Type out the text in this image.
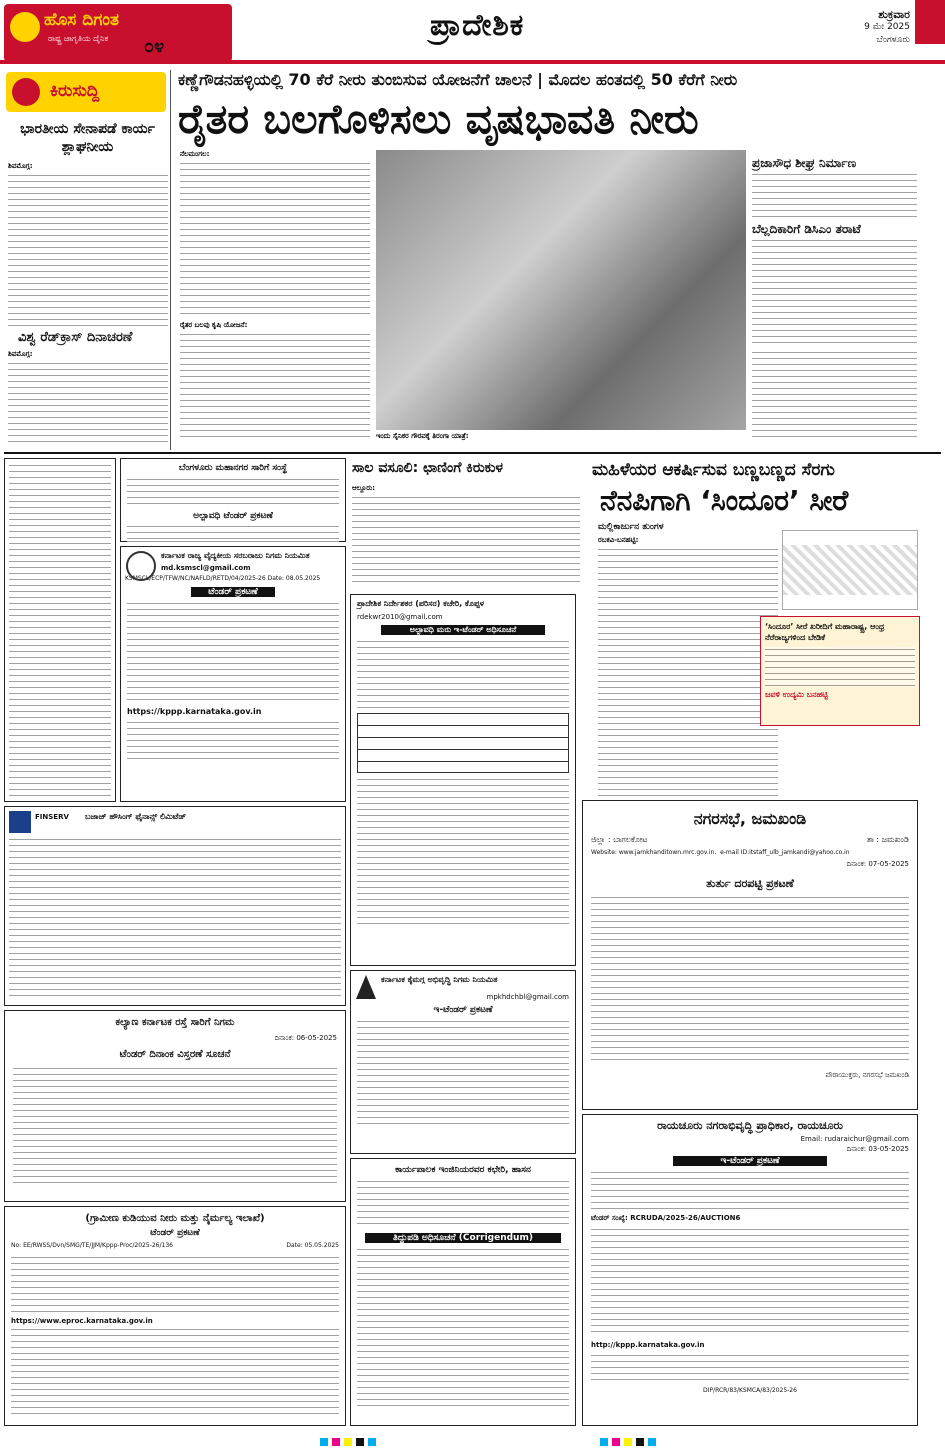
ಹೊಸ ದಿಗಂತ
ರಾಷ್ಟ್ರ ಜಾಗೃತಿಯ ದೈನಿಕ ೦೪
ಪ್ರಾದೇಶಿಕ	ಶುಕ್ರವಾರ
9 ಮೇ 2025
ಬೆಂಗಳೂರು
ಕಿರುಸುದ್ದಿ
ಭಾರತೀಯ ಸೇನಾಪಡೆ ಕಾರ್ಯ ಶ್ಲಾಘನೀಯ
ಶಿವಮೊಗ್ಗ:
ವಿಶ್ವ ರೆಡ್‌ಕ್ರಾಸ್ ದಿನಾಚರಣೆ
ಶಿವಮೊಗ್ಗ:
ಕಣ್ಣೆಗೌಡನಹಳ್ಳಿಯಲ್ಲಿ 70 ಕೆರೆ ನೀರು ತುಂಬಿಸುವ ಯೋಜನೆಗೆ ಚಾಲನೆ | ಮೊದಲ ಹಂತದಲ್ಲಿ 50 ಕೆರೆಗೆ ನೀರು
ರೈತರ ಬಲಗೊಳಿಸಲು ವೃಷಭಾವತಿ ನೀರು
ನೆಲಮಂಗಲ:
ರೈತರ ಬಲವು ಕೃಷಿ ಯೋಜನೆ:
ಇಂದು ಸೈನಿಕರ ಗೌರವಕ್ಕೆ ತಿರಂಗಾ ಯಾತ್ರೆ:
ಪ್ರಜಾಸೌಧ ಶೀಘ್ರ ನಿರ್ಮಾಣ
ಬೆಲ್ಲದಿಕಾರಿಗೆ ಡಿಸಿಎಂ ತರಾಟೆ
ಬೆಂಗಳೂರು ಮಹಾನಗರ ಸಾರಿಗೆ ಸಂಸ್ಥೆ
ಅಲ್ಪಾವಧಿ ಟೆಂಡರ್ ಪ್ರಕಟಣೆ
ಕರ್ನಾಟಕ ರಾಜ್ಯ ವೈದ್ಯಕೀಯ ಸರಬರಾಜು ನಿಗಮ ನಿಯಮಿತ
md.ksmscl@gmail.com
KSMSCL/ECP/TFW/NC/NAFLD/RETD/04/2025-26 Date: 08.05.2025
ಟೆಂಡರ್ ಪ್ರಕಟಣೆ
https://kppp.karnataka.gov.in
ಸಾಲ ವಸೂಲಿ: ಛಾಣಿಂಗೆ ಕಿರುಕುಳ
ಆಲ್ದೂರು:
ಮಹಿಳೆಯರ ಆಕರ್ಷಿಸುವ ಬಣ್ಣಬಣ್ಣದ ಸೆರಗು
ನೆನಪಿಗಾಗಿ ‘ಸಿಂದೂರ’ ಸೀರೆ
ಮಲ್ಲಿಕಾರ್ಜುನ ತುಂಗಳ
ರಬಕವಿ-ಬನಹಟ್ಟಿ:
‘ಸಿಂದೂರ’ ಸೀರೆ ಖರೀದಿಗೆ ಮಹಾರಾಷ್ಟ್ರ, ಆಂಧ್ರ ನೆರೆರಾಜ್ಯಗಳಿಂದ ಬೇಡಿಕೆ
ಜವಳಿ ಉದ್ಯಮಿ ಬನಹಟ್ಟಿ
FINSERV ಬಜಾಜ್ ಹೌಸಿಂಗ್ ಫೈನಾನ್ಸ್ ಲಿಮಿಟೆಡ್
ಪ್ರಾದೇಶಿಕ ನಿರ್ದೇಶಕರ (ಪರಿಸರ) ಕಚೇರಿ, ಕೊಪ್ಪಳ
rdekwr2010@gmail.com
ಅಲ್ಪಾವಧಿ ಮರು ಇ-ಟೆಂಡರ್ ಅಧಿಸೂಚನೆ
ನಗರಸಭೆ, ಜಮಖಂಡಿ
ಜಿಲ್ಲಾ : ಬಾಗಲಕೋಟ	ತಾ : ಜಮಖಂಡಿ
Website: www.jamkhanditown.mrc.gov.in. e-mail ID:itstaff_ulb_jamkandi@yahoo.co.in
ದಿನಾಂಕ: 07-05-2025
ತುರ್ತು ದರಪಟ್ಟಿ ಪ್ರಕಟಣೆ
ಪೌರಾಯುಕ್ತರು, ನಗರಸಭೆ ಜಮಖಂಡಿ
ಕಲ್ಯಾಣ ಕರ್ನಾಟಕ ರಸ್ತೆ ಸಾರಿಗೆ ನಿಗಮ
ದಿನಾಂಕ: 06-05-2025
ಟೆಂಡರ್ ದಿನಾಂಕ ವಿಸ್ತರಣೆ ಸೂಚನೆ
ಕರ್ನಾಟಕ ಕೈಮಗ್ಗ ಅಭಿವೃದ್ಧಿ ನಿಗಮ ನಿಯಮಿತ
mpkhdchbl@gmail.com
ಇ-ಟೆಂಡರ್ ಪ್ರಕಟಣೆ
(ಗ್ರಾಮೀಣ ಕುಡಿಯುವ ನೀರು ಮತ್ತು ನೈರ್ಮಲ್ಯ ಇಲಾಖೆ)
ಟೆಂಡರ್ ಪ್ರಕಟಣೆ
No: EE/RWSS/Dvn/SMG/TE/JJM/Kppp-Proc/2025-26/136	Date: 05.05.2025
https://www.eproc.karnataka.gov.in
ಕಾರ್ಯಪಾಲಕ ಇಂಜಿನಿಯರವರ ಕಛೇರಿ, ಹಾಸನ
ತಿದ್ದುಪಡಿ ಅಧಿಸೂಚನೆ (Corrigendum)
ರಾಯಚೂರು ನಗರಾಭಿವೃದ್ಧಿ ಪ್ರಾಧಿಕಾರ, ರಾಯಚೂರು
Email: rudaraichur@gmail.com
ದಿನಾಂಕ: 03-05-2025
ಇ-ಟೆಂಡರ್ ಪ್ರಕಟಣೆ
ಟೆಂಡರ್ ಸಂಖ್ಯೆ: RCRUDA/2025-26/AUCTION6
http://kppp.karnataka.gov.in
DIP/RCR/83/KSMCA/83/2025-26
